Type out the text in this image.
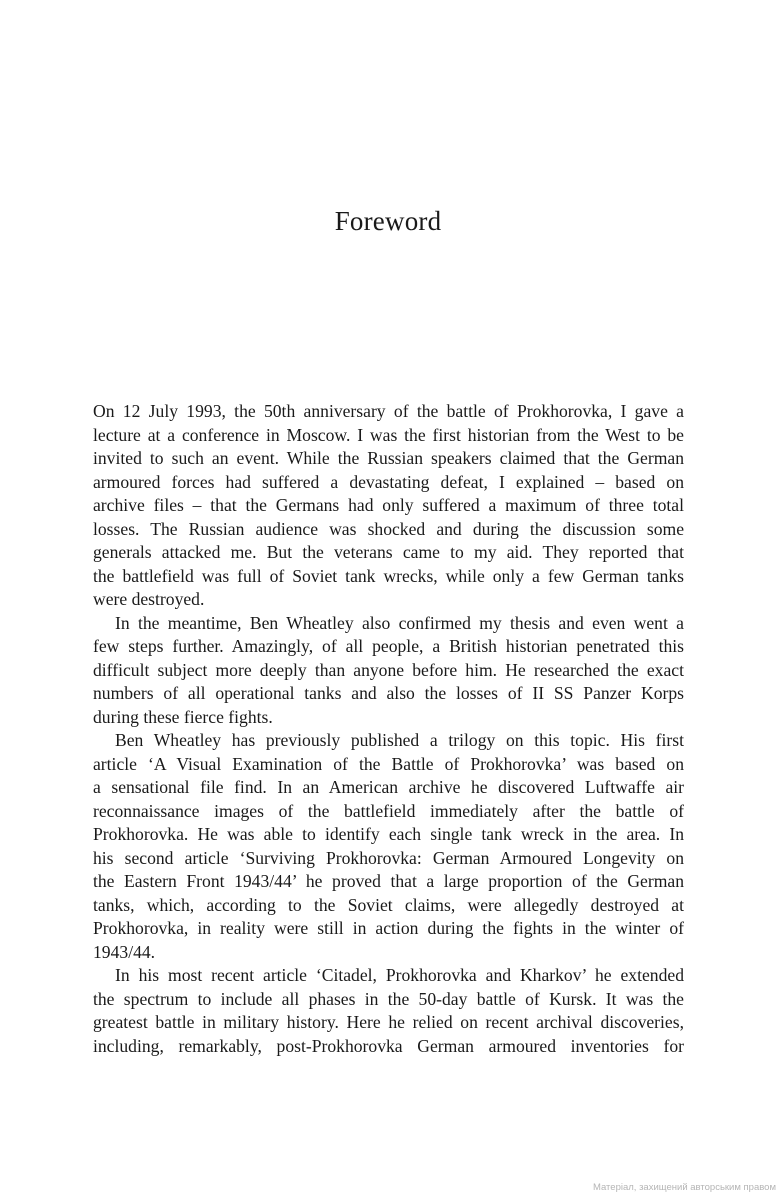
Foreword

On 12 July 1993, the 50th anniversary of the battle of Prokhorovka, I gave a
lecture at a conference in Moscow. I was the first historian from the West to be
invited to such an event. While the Russian speakers claimed that the German
armoured forces had suffered a devastating defeat, I explained – based on
archive files – that the Germans had only suffered a maximum of three total
losses. The Russian audience was shocked and during the discussion some
generals attacked me. But the veterans came to my aid. They reported that
the battlefield was full of Soviet tank wrecks, while only a few German tanks
were destroyed.

In the meantime, Ben Wheatley also confirmed my thesis and even went a
few steps further. Amazingly, of all people, a British historian penetrated this
difficult subject more deeply than anyone before him. He researched the exact
numbers of all operational tanks and also the losses of II SS Panzer Korps
during these fierce fights.

Ben Wheatley has previously published a trilogy on this topic. His first
article ‘A Visual Examination of the Battle of Prokhorovka’ was based on
a sensational file find. In an American archive he discovered Luftwaffe air
reconnaissance images of the battlefield immediately after the battle of
Prokhorovka. He was able to identify each single tank wreck in the area. In
his second article ‘Surviving Prokhorovka: German Armoured Longevity on
the Eastern Front 1943/44’ he proved that a large proportion of the German
tanks, which, according to the Soviet claims, were allegedly destroyed at
Prokhorovka, in reality were still in action during the fights in the winter of
1943/44.

In his most recent article ‘Citadel, Prokhorovka and Kharkov’ he extended
the spectrum to include all phases in the 50-day battle of Kursk. It was the
greatest battle in military history. Here he relied on recent archival discoveries,
including, remarkably, post-Prokhorovka German armoured inventories for

Матеріал, захищений авторським правом
